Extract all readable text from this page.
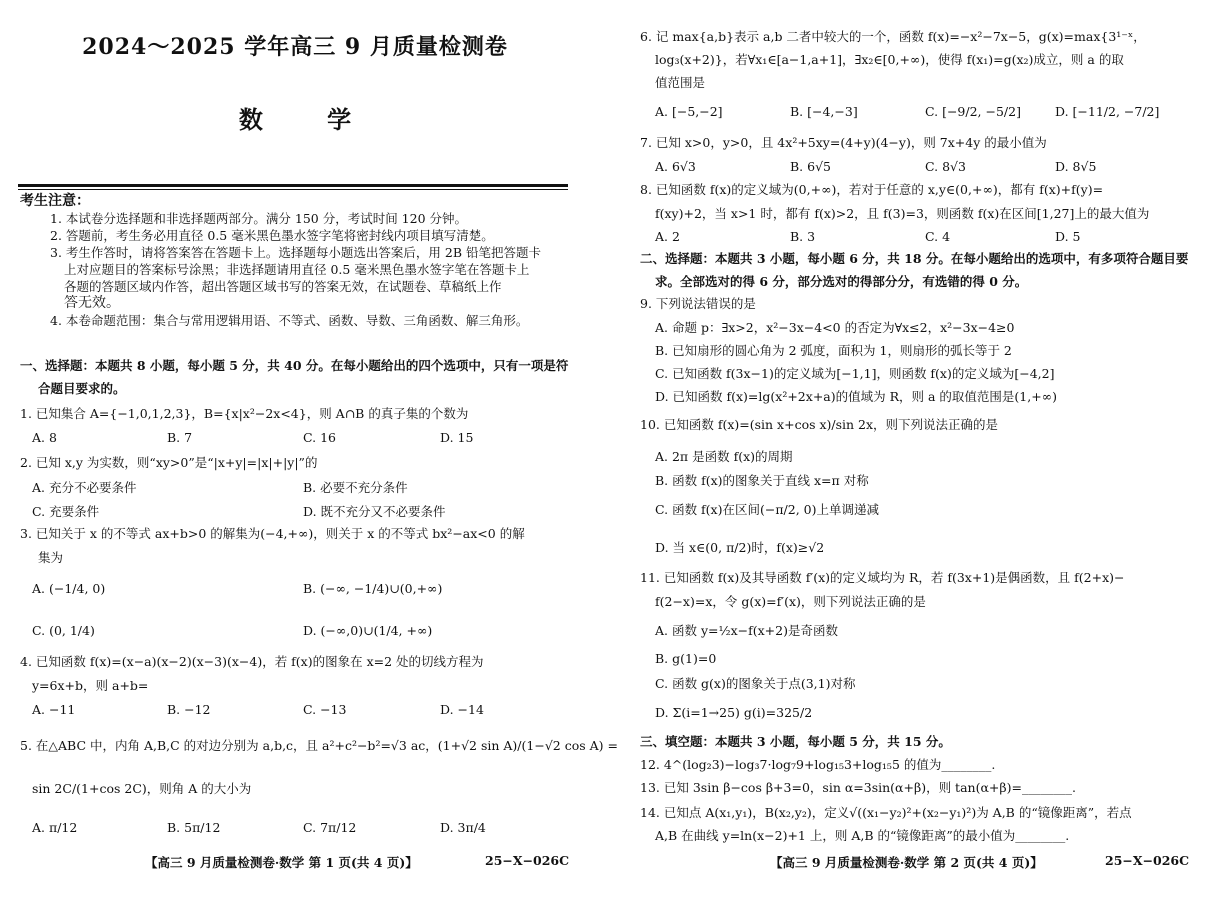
2024～2025 学年高三 9 月质量检测卷
数 学
考生注意：
1. 本试卷分选择题和非选择题两部分。满分 150 分，考试时间 120 分钟。
2. 答题前，考生务必用直径 0.5 毫米黑色墨水签字笔将密封线内项目填写清楚。
3. 考生作答时，请将答案答在答题卡上。选择题每小题选出答案后，用 2B 铅笔把答题卡
上对应题目的答案标号涂黑；非选择题请用直径 0.5 毫米黑色墨水签字笔在答题卡上
各题的答题区域内作答，超出答题区域书写的答案无效，在试题卷、草稿纸上作
答无效。
4. 本卷命题范围：集合与常用逻辑用语、不等式、函数、导数、三角函数、解三角形。
一、选择题：本题共 8 小题，每小题 5 分，共 40 分。在每小题给出的四个选项中，只有一项是符
合题目要求的。
1. 已知集合 A={−1,0,1,2,3}，B={x|x²−2x<4}，则 A∩B 的真子集的个数为
A. 8	B. 7	C. 16	D. 15
2. 已知 x,y 为实数，则“xy>0”是“|x+y|=|x|+|y|”的
A. 充分不必要条件	B. 必要不充分条件
C. 充要条件	D. 既不充分又不必要条件
3. 已知关于 x 的不等式 ax+b>0 的解集为(−4,+∞)，则关于 x 的不等式 bx²−ax<0 的解
集为
A. (−1/4, 0)	B. (−∞, −1/4)∪(0,+∞)
C. (0, 1/4)	D. (−∞,0)∪(1/4, +∞)
4. 已知函数 f(x)=(x−a)(x−2)(x−3)(x−4)，若 f(x)的图象在 x=2 处的切线方程为
y=6x+b，则 a+b=
A. −11	B. −12	C. −13	D. −14
5. 在△ABC 中，内角 A,B,C 的对边分别为 a,b,c，且 a²+c²−b²=√3 ac，(1+√2 sin A)/(1−√2 cos A) =
sin 2C/(1+cos 2C)，则角 A 的大小为
A. π/12	B. 5π/12	C. 7π/12	D. 3π/4
【高三 9 月质量检测卷·数学 第 1 页(共 4 页)】	25−X−026C
6. 记 max{a,b}表示 a,b 二者中较大的一个，函数 f(x)=−x²−7x−5，g(x)=max{3¹⁻ˣ，
log₃(x+2)}，若∀x₁∈[a−1,a+1]，∃x₂∈[0,+∞)，使得 f(x₁)=g(x₂)成立，则 a 的取
值范围是
A. [−5,−2]	B. [−4,−3]	C. [−9/2, −5/2]	D. [−11/2, −7/2]
7. 已知 x>0，y>0，且 4x²+5xy=(4+y)(4−y)，则 7x+4y 的最小值为
A. 6√3	B. 6√5	C. 8√3	D. 8√5
8. 已知函数 f(x)的定义域为(0,+∞)，若对于任意的 x,y∈(0,+∞)，都有 f(x)+f(y)=
f(xy)+2，当 x>1 时，都有 f(x)>2，且 f(3)=3，则函数 f(x)在区间[1,27]上的最大值为
A. 2	B. 3	C. 4	D. 5
二、选择题：本题共 3 小题，每小题 6 分，共 18 分。在每小题给出的选项中，有多项符合题目要
求。全部选对的得 6 分，部分选对的得部分分，有选错的得 0 分。
9. 下列说法错误的是
A. 命题 p：∃x>2，x²−3x−4<0 的否定为∀x≤2，x²−3x−4≥0
B. 已知扇形的圆心角为 2 弧度，面积为 1，则扇形的弧长等于 2
C. 已知函数 f(3x−1)的定义域为[−1,1]，则函数 f(x)的定义域为[−4,2]
D. 已知函数 f(x)=lg(x²+2x+a)的值域为 R，则 a 的取值范围是(1,+∞)
10. 已知函数 f(x)=(sin x+cos x)/sin 2x，则下列说法正确的是
A. 2π 是函数 f(x)的周期
B. 函数 f(x)的图象关于直线 x=π 对称
C. 函数 f(x)在区间(−π/2, 0)上单调递减
D. 当 x∈(0, π/2)时，f(x)≥√2
11. 已知函数 f(x)及其导函数 f′(x)的定义域均为 R，若 f(3x+1)是偶函数，且 f(2+x)−
f(2−x)=x，令 g(x)=f′(x)，则下列说法正确的是
A. 函数 y=½x−f(x+2)是奇函数
B. g(1)=0
C. 函数 g(x)的图象关于点(3,1)对称
D. Σ(i=1→25) g(i)=325/2
三、填空题：本题共 3 小题，每小题 5 分，共 15 分。
12. 4^(log₂3)−log₃7·log₇9+log₁₅3+log₁₅5 的值为________.
13. 已知 3sin β−cos β+3=0，sin α=3sin(α+β)，则 tan(α+β)=________.
14. 已知点 A(x₁,y₁)，B(x₂,y₂)，定义√((x₁−y₂)²+(x₂−y₁)²)为 A,B 的“镜像距离”，若点
A,B 在曲线 y=ln(x−2)+1 上，则 A,B 的“镜像距离”的最小值为________.
【高三 9 月质量检测卷·数学 第 2 页(共 4 页)】	25−X−026C
